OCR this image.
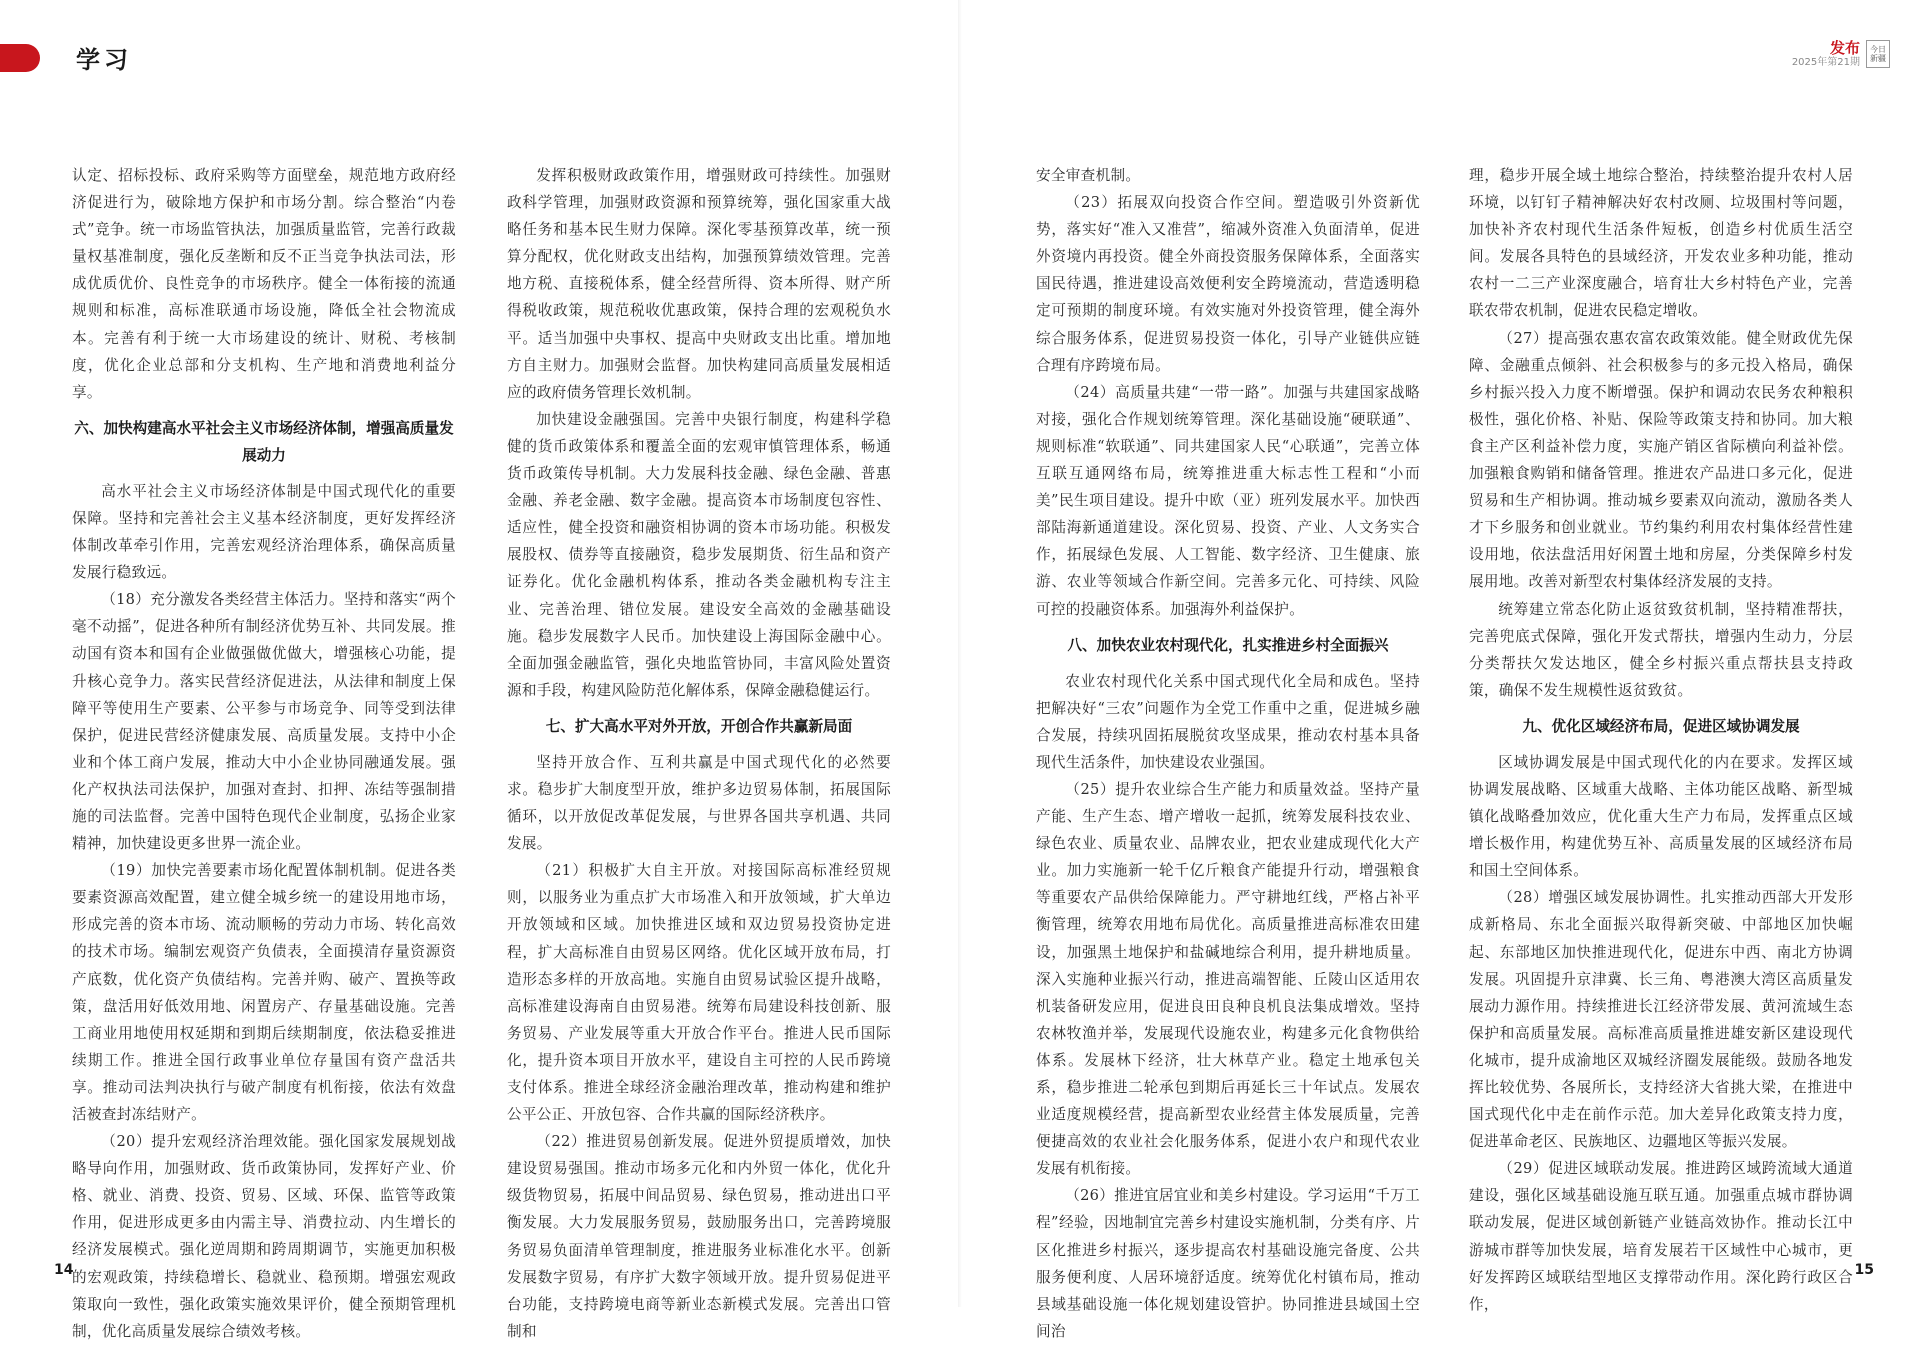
学习	发布
2025年第21期
今日新疆

认定、招标投标、政府采购等方面壁垒，规范地方政府经济促进行为，破除地方保护和市场分割。综合整治“内卷式”竞争。统一市场监管执法，加强质量监管，完善行政裁量权基准制度，强化反垄断和反不正当竞争执法司法，形成优质优价、良性竞争的市场秩序。健全一体衔接的流通规则和标准，高标准联通市场设施，降低全社会物流成本。完善有利于统一大市场建设的统计、财税、考核制度，优化企业总部和分支机构、生产地和消费地利益分享。

六、加快构建高水平社会主义市场经济体制，增强高质量发展动力

高水平社会主义市场经济体制是中国式现代化的重要保障。坚持和完善社会主义基本经济制度，更好发挥经济体制改革牵引作用，完善宏观经济治理体系，确保高质量发展行稳致远。

（18）充分激发各类经营主体活力。坚持和落实“两个毫不动摇”，促进各种所有制经济优势互补、共同发展。推动国有资本和国有企业做强做优做大，增强核心功能，提升核心竞争力。落实民营经济促进法，从法律和制度上保障平等使用生产要素、公平参与市场竞争、同等受到法律保护，促进民营经济健康发展、高质量发展。支持中小企业和个体工商户发展，推动大中小企业协同融通发展。强化产权执法司法保护，加强对查封、扣押、冻结等强制措施的司法监督。完善中国特色现代企业制度，弘扬企业家精神，加快建设更多世界一流企业。

（19）加快完善要素市场化配置体制机制。促进各类要素资源高效配置，建立健全城乡统一的建设用地市场，形成完善的资本市场、流动顺畅的劳动力市场、转化高效的技术市场。编制宏观资产负债表，全面摸清存量资源资产底数，优化资产负债结构。完善并购、破产、置换等政策，盘活用好低效用地、闲置房产、存量基础设施。完善工商业用地使用权延期和到期后续期制度，依法稳妥推进续期工作。推进全国行政事业单位存量国有资产盘活共享。推动司法判决执行与破产制度有机衔接，依法有效盘活被查封冻结财产。

（20）提升宏观经济治理效能。强化国家发展规划战略导向作用，加强财政、货币政策协同，发挥好产业、价格、就业、消费、投资、贸易、区域、环保、监管等政策作用，促进形成更多由内需主导、消费拉动、内生增长的经济发展模式。强化逆周期和跨周期调节，实施更加积极的宏观政策，持续稳增长、稳就业、稳预期。增强宏观政策取向一致性，强化政策实施效果评价，健全预期管理机制，优化高质量发展综合绩效考核。

发挥积极财政政策作用，增强财政可持续性。加强财政科学管理，加强财政资源和预算统筹，强化国家重大战略任务和基本民生财力保障。深化零基预算改革，统一预算分配权，优化财政支出结构，加强预算绩效管理。完善地方税、直接税体系，健全经营所得、资本所得、财产所得税收政策，规范税收优惠政策，保持合理的宏观税负水平。适当加强中央事权、提高中央财政支出比重。增加地方自主财力。加强财会监督。加快构建同高质量发展相适应的政府债务管理长效机制。

加快建设金融强国。完善中央银行制度，构建科学稳健的货币政策体系和覆盖全面的宏观审慎管理体系，畅通货币政策传导机制。大力发展科技金融、绿色金融、普惠金融、养老金融、数字金融。提高资本市场制度包容性、适应性，健全投资和融资相协调的资本市场功能。积极发展股权、债券等直接融资，稳步发展期货、衍生品和资产证券化。优化金融机构体系，推动各类金融机构专注主业、完善治理、错位发展。建设安全高效的金融基础设施。稳步发展数字人民币。加快建设上海国际金融中心。全面加强金融监管，强化央地监管协同，丰富风险处置资源和手段，构建风险防范化解体系，保障金融稳健运行。

七、扩大高水平对外开放，开创合作共赢新局面

坚持开放合作、互利共赢是中国式现代化的必然要求。稳步扩大制度型开放，维护多边贸易体制，拓展国际循环，以开放促改革促发展，与世界各国共享机遇、共同发展。

（21）积极扩大自主开放。对接国际高标准经贸规则，以服务业为重点扩大市场准入和开放领域，扩大单边开放领域和区域。加快推进区域和双边贸易投资协定进程，扩大高标准自由贸易区网络。优化区域开放布局，打造形态多样的开放高地。实施自由贸易试验区提升战略，高标准建设海南自由贸易港。统筹布局建设科技创新、服务贸易、产业发展等重大开放合作平台。推进人民币国际化，提升资本项目开放水平，建设自主可控的人民币跨境支付体系。推进全球经济金融治理改革，推动构建和维护公平公正、开放包容、合作共赢的国际经济秩序。

（22）推进贸易创新发展。促进外贸提质增效，加快建设贸易强国。推动市场多元化和内外贸一体化，优化升级货物贸易，拓展中间品贸易、绿色贸易，推动进出口平衡发展。大力发展服务贸易，鼓励服务出口，完善跨境服务贸易负面清单管理制度，推进服务业标准化水平。创新发展数字贸易，有序扩大数字领域开放。提升贸易促进平台功能，支持跨境电商等新业态新模式发展。完善出口管制和

安全审查机制。

（23）拓展双向投资合作空间。塑造吸引外资新优势，落实好“准入又准营”，缩减外资准入负面清单，促进外资境内再投资。健全外商投资服务保障体系，全面落实国民待遇，推进建设高效便利安全跨境流动，营造透明稳定可预期的制度环境。有效实施对外投资管理，健全海外综合服务体系，促进贸易投资一体化，引导产业链供应链合理有序跨境布局。

（24）高质量共建“一带一路”。加强与共建国家战略对接，强化合作规划统筹管理。深化基础设施“硬联通”、规则标准“软联通”、同共建国家人民“心联通”，完善立体互联互通网络布局，统筹推进重大标志性工程和“小而美”民生项目建设。提升中欧（亚）班列发展水平。加快西部陆海新通道建设。深化贸易、投资、产业、人文务实合作，拓展绿色发展、人工智能、数字经济、卫生健康、旅游、农业等领域合作新空间。完善多元化、可持续、风险可控的投融资体系。加强海外利益保护。

八、加快农业农村现代化，扎实推进乡村全面振兴

农业农村现代化关系中国式现代化全局和成色。坚持把解决好“三农”问题作为全党工作重中之重，促进城乡融合发展，持续巩固拓展脱贫攻坚成果，推动农村基本具备现代生活条件，加快建设农业强国。

（25）提升农业综合生产能力和质量效益。坚持产量产能、生产生态、增产增收一起抓，统筹发展科技农业、绿色农业、质量农业、品牌农业，把农业建成现代化大产业。加力实施新一轮千亿斤粮食产能提升行动，增强粮食等重要农产品供给保障能力。严守耕地红线，严格占补平衡管理，统筹农用地布局优化。高质量推进高标准农田建设，加强黑土地保护和盐碱地综合利用，提升耕地质量。深入实施种业振兴行动，推进高端智能、丘陵山区适用农机装备研发应用，促进良田良种良机良法集成增效。坚持农林牧渔并举，发展现代设施农业，构建多元化食物供给体系。发展林下经济，壮大林草产业。稳定土地承包关系，稳步推进二轮承包到期后再延长三十年试点。发展农业适度规模经营，提高新型农业经营主体发展质量，完善便捷高效的农业社会化服务体系，促进小农户和现代农业发展有机衔接。

（26）推进宜居宜业和美乡村建设。学习运用“千万工程”经验，因地制宜完善乡村建设实施机制，分类有序、片区化推进乡村振兴，逐步提高农村基础设施完备度、公共服务便利度、人居环境舒适度。统筹优化村镇布局，推动县域基础设施一体化规划建设管护。协同推进县域国土空间治

理，稳步开展全域土地综合整治，持续整治提升农村人居环境，以钉钉子精神解决好农村改厕、垃圾围村等问题，加快补齐农村现代生活条件短板，创造乡村优质生活空间。发展各具特色的县域经济，开发农业多种功能，推动农村一二三产业深度融合，培育壮大乡村特色产业，完善联农带农机制，促进农民稳定增收。

（27）提高强农惠农富农政策效能。健全财政优先保障、金融重点倾斜、社会积极参与的多元投入格局，确保乡村振兴投入力度不断增强。保护和调动农民务农种粮积极性，强化价格、补贴、保险等政策支持和协同。加大粮食主产区利益补偿力度，实施产销区省际横向利益补偿。加强粮食购销和储备管理。推进农产品进口多元化，促进贸易和生产相协调。推动城乡要素双向流动，激励各类人才下乡服务和创业就业。节约集约利用农村集体经营性建设用地，依法盘活用好闲置土地和房屋，分类保障乡村发展用地。改善对新型农村集体经济发展的支持。

统筹建立常态化防止返贫致贫机制，坚持精准帮扶，完善兜底式保障，强化开发式帮扶，增强内生动力，分层分类帮扶欠发达地区，健全乡村振兴重点帮扶县支持政策，确保不发生规模性返贫致贫。

九、优化区域经济布局，促进区域协调发展

区域协调发展是中国式现代化的内在要求。发挥区域协调发展战略、区域重大战略、主体功能区战略、新型城镇化战略叠加效应，优化重大生产力布局，发挥重点区域增长极作用，构建优势互补、高质量发展的区域经济布局和国土空间体系。

（28）增强区域发展协调性。扎实推动西部大开发形成新格局、东北全面振兴取得新突破、中部地区加快崛起、东部地区加快推进现代化，促进东中西、南北方协调发展。巩固提升京津冀、长三角、粤港澳大湾区高质量发展动力源作用。持续推进长江经济带发展、黄河流域生态保护和高质量发展。高标准高质量推进雄安新区建设现代化城市，提升成渝地区双城经济圈发展能级。鼓励各地发挥比较优势、各展所长，支持经济大省挑大梁，在推进中国式现代化中走在前作示范。加大差异化政策支持力度，促进革命老区、民族地区、边疆地区等振兴发展。

（29）促进区域联动发展。推进跨区域跨流域大通道建设，强化区域基础设施互联互通。加强重点城市群协调联动发展，促进区域创新链产业链高效协作。推动长江中游城市群等加快发展，培育发展若干区域性中心城市，更好发挥跨区域联结型地区支撑带动作用。深化跨行政区合作，

14	15
